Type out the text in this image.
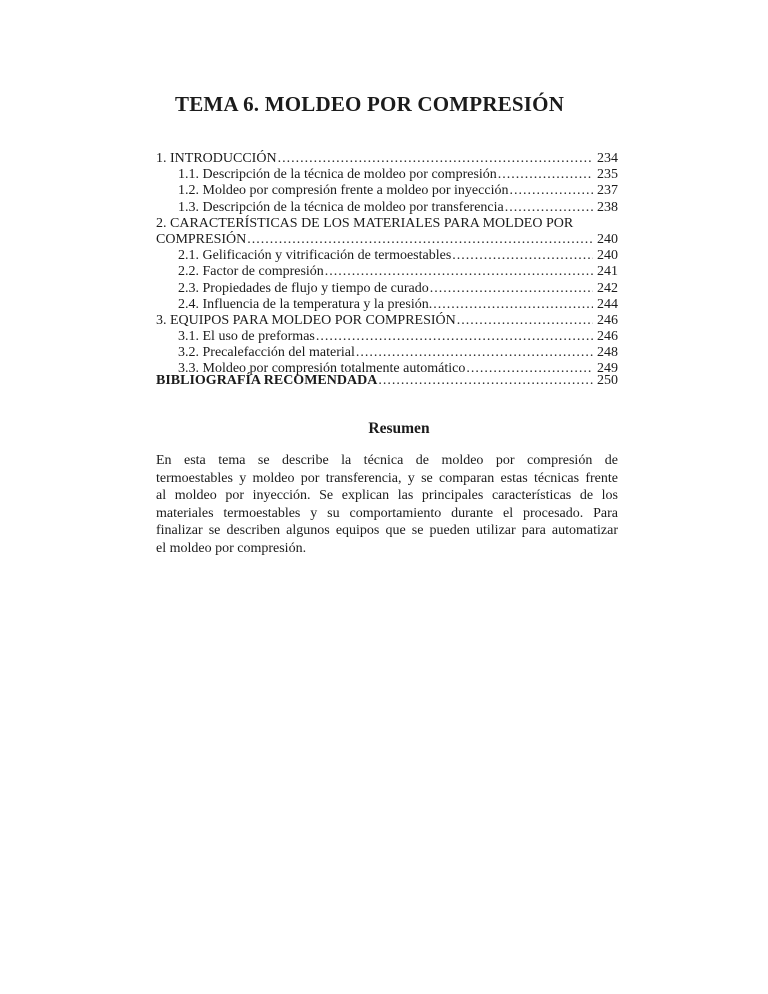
TEMA 6. MOLDEO POR COMPRESIÓN
1. INTRODUCCIÓN .....	234
1.1. Descripción de la técnica de moldeo por compresión .....	235
1.2. Moldeo por compresión frente a moldeo por inyección .....	237
1.3. Descripción de la técnica de moldeo por transferencia .....	238
2. CARACTERÍSTICAS DE LOS MATERIALES PARA MOLDEO POR
COMPRESIÓN .....	240
2.1. Gelificación y vitrificación de termoestables .....	240
2.2. Factor de compresión .....	241
2.3. Propiedades de flujo y tiempo de curado .....	242
2.4. Influencia de la temperatura y la presión. .....	244
3. EQUIPOS PARA MOLDEO POR COMPRESIÓN .....	246
3.1. El uso de preformas .....	246
3.2. Precalefacción del material .....	248
3.3. Moldeo por compresión totalmente automático .....	249
BIBLIOGRAFÍA RECOMENDADA .....	250
Resumen
En esta tema se describe la técnica de moldeo por compresión de
termoestables y moldeo por transferencia, y se comparan estas técnicas frente
al moldeo por inyección. Se explican las principales características de los
materiales termoestables y su comportamiento durante el procesado. Para
finalizar se describen algunos equipos que se pueden utilizar para automatizar
el moldeo por compresión.
